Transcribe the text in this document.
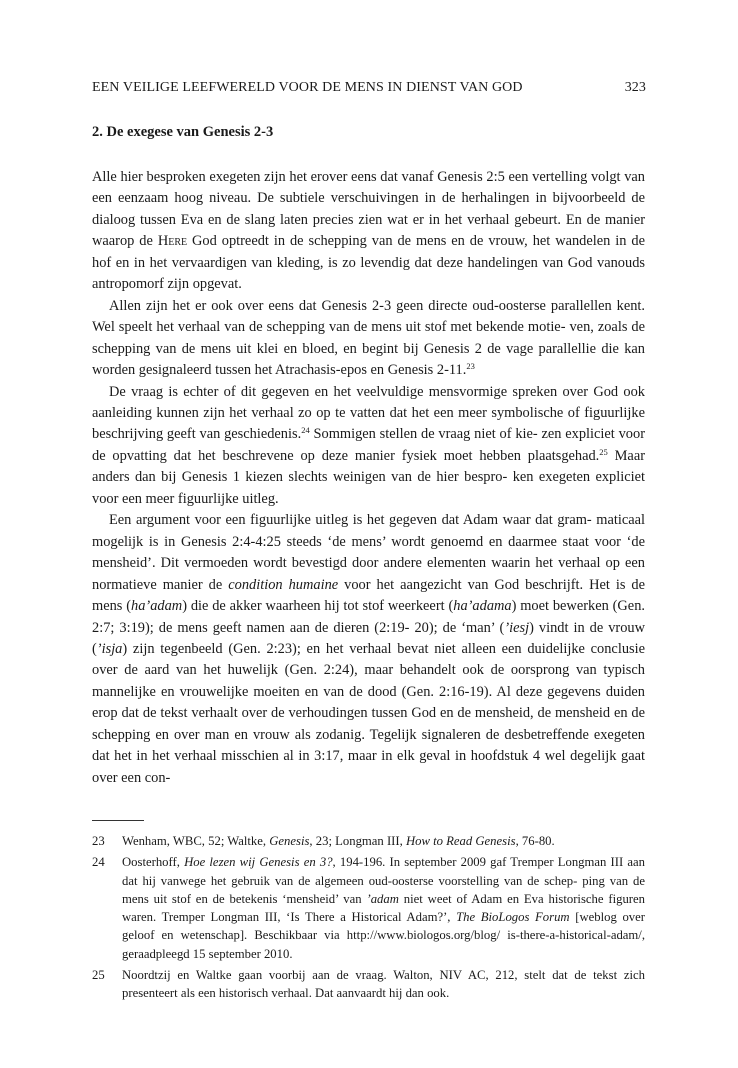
EEN VEILIGE LEEFWERELD VOOR DE MENS IN DIENST VAN GOD	323
2. De exegese van Genesis 2-3

Alle hier besproken exegeten zijn het erover eens dat vanaf Genesis 2:5 een vertelling volgt van een eenzaam hoog niveau. De subtiele verschuivingen in de herhalingen in bijvoorbeeld de dialoog tussen Eva en de slang laten precies zien wat er in het verhaal gebeurt. En de manier waarop de Here God optreedt in de schepping van de mens en de vrouw, het wandelen in de hof en in het vervaardigen van kleding, is zo levendig dat deze handelingen van God vanouds antropomorf zijn opgevat.

Allen zijn het er ook over eens dat Genesis 2-3 geen directe oud-oosterse parallellen kent. Wel speelt het verhaal van de schepping van de mens uit stof met bekende motie- ven, zoals de schepping van de mens uit klei en bloed, en begint bij Genesis 2 de vage parallellie die kan worden gesignaleerd tussen het Atrachasis-epos en Genesis 2-11.23

De vraag is echter of dit gegeven en het veelvuldige mensvormige spreken over God ook aanleiding kunnen zijn het verhaal zo op te vatten dat het een meer symbolische of figuurlijke beschrijving geeft van geschiedenis.$^{24}$ Sommigen stellen de vraag niet of kie- zen expliciet voor de opvatting dat het beschrevene op deze manier fysiek moet hebben plaatsgehad.$^{25}$ Maar anders dan bij Genesis 1 kiezen slechts weinigen van de hier bespro- ken exegeten expliciet voor een meer figuurlijke uitleg.

Een argument voor een figuurlijke uitleg is het gegeven dat Adam waar dat gram- maticaal mogelijk is in Genesis 2:4-4:25 steeds ‘de mens’ wordt genoemd en daarmee staat voor ‘de mensheid’. Dit vermoeden wordt bevestigd door andere elementen waarin het verhaal op een normatieve manier de condition humaine voor het aangezicht van God beschrijft. Het is de mens (ha’adam) die de akker waarheen hij tot stof weerkeert (ha’adama) moet bewerken (Gen. 2:7; 3:19); de mens geeft namen aan de dieren (2:19- 20); de ‘man’ (’iesj) vindt in de vrouw (’isja) zijn tegenbeeld (Gen. 2:23); en het verhaal bevat niet alleen een duidelijke conclusie over de aard van het huwelijk (Gen. 2:24), maar behandelt ook de oorsprong van typisch mannelijke en vrouwelijke moeiten en van de dood (Gen. 2:16-19). Al deze gegevens duiden erop dat de tekst verhaalt over de verhoudingen tussen God en de mensheid, de mensheid en de schepping en over man en vrouw als zodanig. Tegelijk signaleren de desbetreffende exegeten dat het in het verhaal misschien al in 3:17, maar in elk geval in hoofdstuk 4 wel degelijk gaat over een con-

23 Wenham, WBC, 52; Waltke, Genesis, 23; Longman III, How to Read Genesis, 76-80.
24 Oosterhoff, Hoe lezen wij Genesis en 3?, 194-196. In september 2009 gaf Tremper Longman III aan dat hij vanwege het gebruik van de algemeen oud-oosterse voorstelling van de schep- ping van de mens uit stof en de betekenis ‘mensheid’ van ’adam niet weet of Adam en Eva historische figuren waren. Tremper Longman III, ‘Is There a Historical Adam?’, The BioLogos Forum [weblog over geloof en wetenschap]. Beschikbaar via http://www.biologos.org/blog/ is-there-a-historical-adam/, geraadpleegd 15 september 2010.
25 Noordtzij en Waltke gaan voorbij aan de vraag. Walton, NIV AC, 212, stelt dat de tekst zich presenteert als een historisch verhaal. Dat aanvaardt hij dan ook.
